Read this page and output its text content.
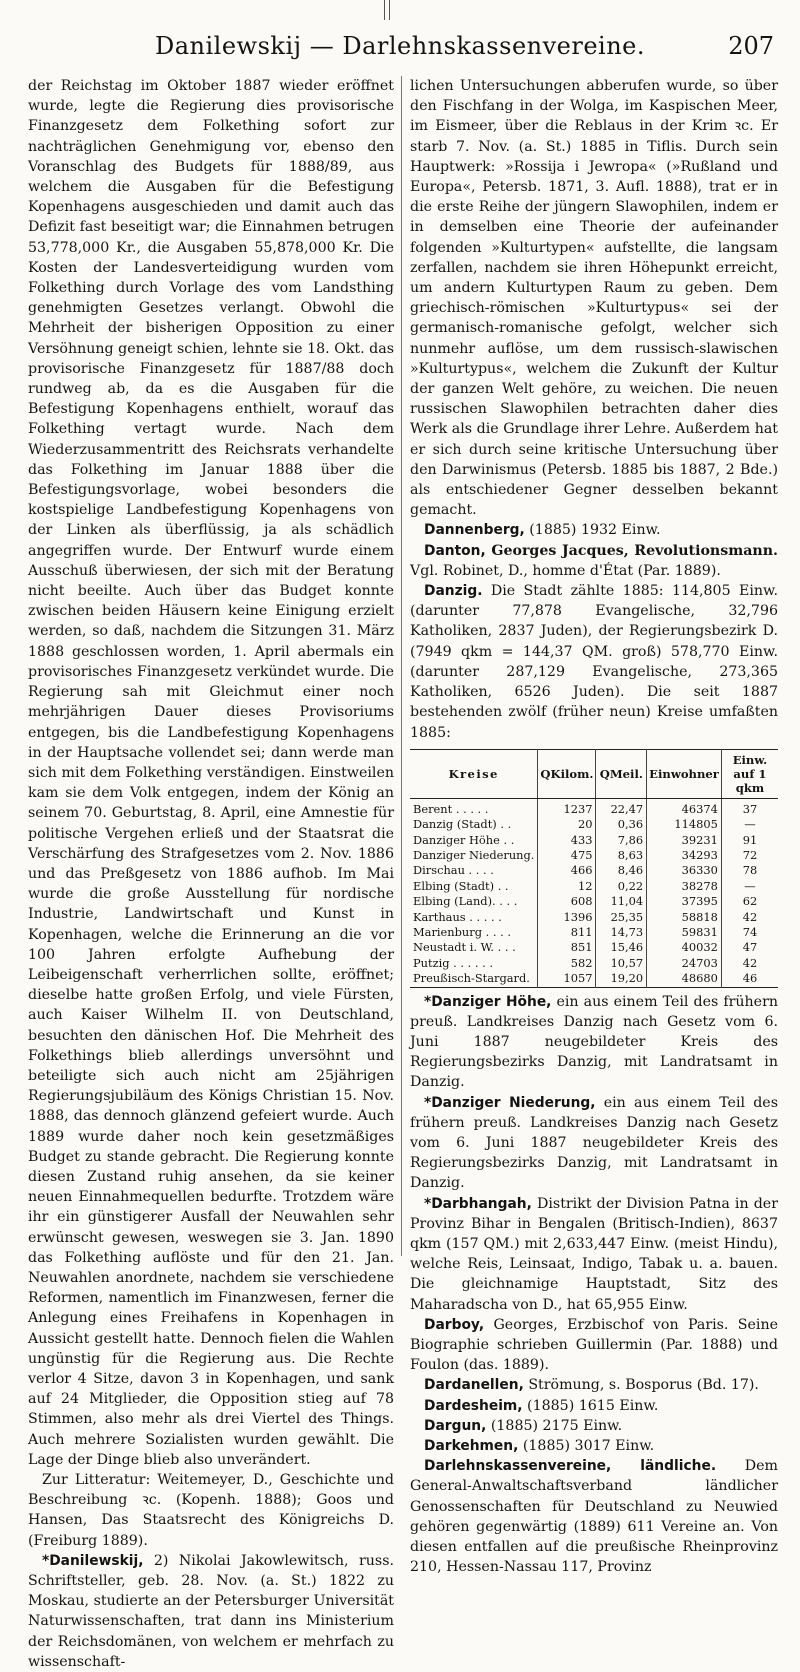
Danilewskij — Darlehnskassenvereine.	207

der Reichstag im Oktober 1887 wieder eröffnet wurde, legte die Regierung dies provisorische Finanzgesetz dem Folkething sofort zur nachträglichen Genehmigung vor, ebenso den Voranschlag des Budgets für 1888/89, aus welchem die Ausgaben für die Befestigung Kopenhagens ausgeschieden und damit auch das Defizit fast beseitigt war; die Einnahmen betrugen 53,778,000 Kr., die Ausgaben 55,878,000 Kr. Die Kosten der Landesverteidigung wurden vom Folkething durch Vorlage des vom Landsthing genehmigten Gesetzes verlangt. Obwohl die Mehrheit der bisherigen Opposition zu einer Versöhnung geneigt schien, lehnte sie 18. Okt. das provisorische Finanzgesetz für 1887/88 doch rundweg ab, da es die Ausgaben für die Befestigung Kopenhagens enthielt, worauf das Folkething vertagt wurde. Nach dem Wiederzusammentritt des Reichsrats verhandelte das Folkething im Januar 1888 über die Befestigungsvorlage, wobei besonders die kostspielige Landbefestigung Kopenhagens von der Linken als überflüssig, ja als schädlich angegriffen wurde. Der Entwurf wurde einem Ausschuß überwiesen, der sich mit der Beratung nicht beeilte. Auch über das Budget konnte zwischen beiden Häusern keine Einigung erzielt werden, so daß, nachdem die Sitzungen 31. März 1888 geschlossen worden, 1. April abermals ein provisorisches Finanzgesetz verkündet wurde. Die Regierung sah mit Gleichmut einer noch mehrjährigen Dauer dieses Provisoriums entgegen, bis die Landbefestigung Kopenhagens in der Hauptsache vollendet sei; dann werde man sich mit dem Folkething verständigen. Einstweilen kam sie dem Volk entgegen, indem der König an seinem 70. Geburtstag, 8. April, eine Amnestie für politische Vergehen erließ und der Staatsrat die Verschärfung des Strafgesetzes vom 2. Nov. 1886 und das Preßgesetz von 1886 aufhob. Im Mai wurde die große Ausstellung für nordische Industrie, Landwirtschaft und Kunst in Kopenhagen, welche die Erinnerung an die vor 100 Jahren erfolgte Aufhebung der Leibeigenschaft verherrlichen sollte, eröffnet; dieselbe hatte großen Erfolg, und viele Fürsten, auch Kaiser Wilhelm II. von Deutschland, besuchten den dänischen Hof. Die Mehrheit des Folkethings blieb allerdings unversöhnt und beteiligte sich auch nicht am 25jährigen Regierungsjubiläum des Königs Christian 15. Nov. 1888, das dennoch glänzend gefeiert wurde. Auch 1889 wurde daher noch kein gesetzmäßiges Budget zu stande gebracht. Die Regierung konnte diesen Zustand ruhig ansehen, da sie keiner neuen Einnahmequellen bedurfte. Trotzdem wäre ihr ein günstigerer Ausfall der Neuwahlen sehr erwünscht gewesen, weswegen sie 3. Jan. 1890 das Folkething auflöste und für den 21. Jan. Neuwahlen anordnete, nachdem sie verschiedene Reformen, namentlich im Finanzwesen, ferner die Anlegung eines Freihafens in Kopenhagen in Aussicht gestellt hatte. Dennoch fielen die Wahlen ungünstig für die Regierung aus. Die Rechte verlor 4 Sitze, davon 3 in Kopenhagen, und sank auf 24 Mitglieder, die Opposition stieg auf 78 Stimmen, also mehr als drei Viertel des Things. Auch mehrere Sozialisten wurden gewählt. Die Lage der Dinge blieb also unverändert.

Zur Litteratur: Weitemeyer, D., Geschichte und Beschreibung ꝛc. (Kopenh. 1888); Goos und Hansen, Das Staatsrecht des Königreichs D. (Freiburg 1889).

*Danilewskij, 2) Nikolai Jakowlewitsch, russ. Schriftsteller, geb. 28. Nov. (a. St.) 1822 zu Moskau, studierte an der Petersburger Universität Naturwissenschaften, trat dann ins Ministerium der Reichsdomänen, von welchem er mehrfach zu wissenschaft-

lichen Untersuchungen abberufen wurde, so über den Fischfang in der Wolga, im Kaspischen Meer, im Eismeer, über die Reblaus in der Krim ꝛc. Er starb 7. Nov. (a. St.) 1885 in Tiflis. Durch sein Hauptwerk: »Rossija i Jewropa« (»Rußland und Europa«, Petersb. 1871, 3. Aufl. 1888), trat er in die erste Reihe der jüngern Slawophilen, indem er in demselben eine Theorie der aufeinander folgenden »Kulturtypen« aufstellte, die langsam zerfallen, nachdem sie ihren Höhepunkt erreicht, um andern Kulturtypen Raum zu geben. Dem griechisch-römischen »Kulturtypus« sei der germanisch-romanische gefolgt, welcher sich nunmehr auflöse, um dem russisch-slawischen »Kulturtypus«, welchem die Zukunft der Kultur der ganzen Welt gehöre, zu weichen. Die neuen russischen Slawophilen betrachten daher dies Werk als die Grundlage ihrer Lehre. Außerdem hat er sich durch seine kritische Untersuchung über den Darwinismus (Petersb. 1885 bis 1887, 2 Bde.) als entschiedener Gegner desselben bekannt gemacht.

Dannenberg, (1885) 1932 Einw.

Danton, Georges Jacques, Revolutionsmann. Vgl. Robinet, D., homme d'État (Par. 1889).

Danzig. Die Stadt zählte 1885: 114,805 Einw. (darunter 77,878 Evangelische, 32,796 Katholiken, 2837 Juden), der Regierungsbezirk D. (7949 qkm = 144,37 QM. groß) 578,770 Einw. (darunter 287,129 Evangelische, 273,365 Katholiken, 6526 Juden). Die seit 1887 bestehenden zwölf (früher neun) Kreise umfaßten 1885:

Kreise	QKilom.	QMeil.	Einwohner	Einw. auf 1 qkm
Berent . . . . .	1237	22,47	46374	37
Danzig (Stadt) . .	20	0,36	114805	—
Danziger Höhe . .	433	7,86	39231	91
Danziger Niederung.	475	8,63	34293	72
Dirschau . . . .	466	8,46	36330	78
Elbing (Stadt) . .	12	0,22	38278	—
Elbing (Land). . . .	608	11,04	37395	62
Karthaus . . . . .	1396	25,35	58818	42
Marienburg . . . .	811	14,73	59831	74
Neustadt i. W. . . .	851	15,46	40032	47
Putzig . . . . . .	582	10,57	24703	42
Preußisch-Stargard.	1057	19,20	48680	46

*Danziger Höhe, ein aus einem Teil des frühern preuß. Landkreises Danzig nach Gesetz vom 6. Juni 1887 neugebildeter Kreis des Regierungsbezirks Danzig, mit Landratsamt in Danzig.

*Danziger Niederung, ein aus einem Teil des frühern preuß. Landkreises Danzig nach Gesetz vom 6. Juni 1887 neugebildeter Kreis des Regierungsbezirks Danzig, mit Landratsamt in Danzig.

*Darbhangah, Distrikt der Division Patna in der Provinz Bihar in Bengalen (Britisch-Indien), 8637 qkm (157 QM.) mit 2,633,447 Einw. (meist Hindu), welche Reis, Leinsaat, Indigo, Tabak u. a. bauen. Die gleichnamige Hauptstadt, Sitz des Maharadscha von D., hat 65,955 Einw.

Darboy, Georges, Erzbischof von Paris. Seine Biographie schrieben Guillermin (Par. 1888) und Foulon (das. 1889).

Dardanellen, Strömung, s. Bosporus (Bd. 17).

Dardesheim, (1885) 1615 Einw.

Dargun, (1885) 2175 Einw.

Darkehmen, (1885) 3017 Einw.

Darlehnskassenvereine, ländliche. Dem General-Anwaltschaftsverband ländlicher Genossenschaften für Deutschland zu Neuwied gehören gegenwärtig (1889) 611 Vereine an. Von diesen entfallen auf die preußische Rheinprovinz 210, Hessen-Nassau 117, Provinz
